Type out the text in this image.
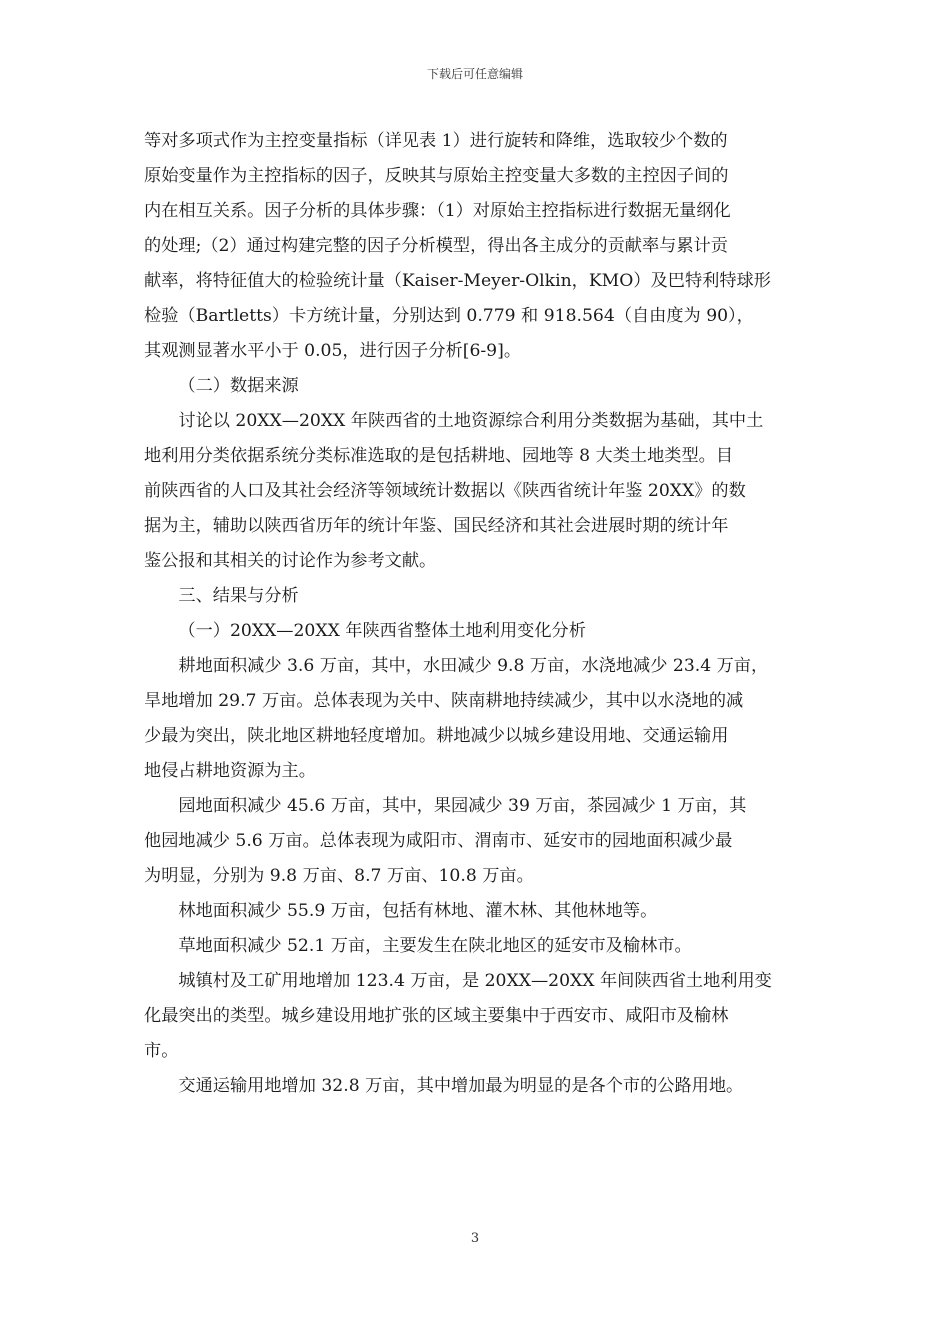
下载后可任意编辑

等对多项式作为主控变量指标（详见表 1）进行旋转和降维，选取较少个数的
原始变量作为主控指标的因子，反映其与原始主控变量大多数的主控因子间的
内在相互关系。因子分析的具体步骤：（1）对原始主控指标进行数据无量纲化
的处理;（2）通过构建完整的因子分析模型，得出各主成分的贡献率与累计贡
献率，将特征值大的检验统计量（Kaiser-Meyer-Olkin，KMO）及巴特利特球形
检验（Bartletts）卡方统计量，分别达到 0.779 和 918.564（自由度为 90），
其观测显著水平小于 0.05，进行因子分析[6-9]。

（二）数据来源

讨论以 20XX—20XX 年陕西省的土地资源综合利用分类数据为基础，其中土
地利用分类依据系统分类标准选取的是包括耕地、园地等 8 大类土地类型。目
前陕西省的人口及其社会经济等领域统计数据以《陕西省统计年鉴 20XX》的数
据为主，辅助以陕西省历年的统计年鉴、国民经济和其社会进展时期的统计年
鉴公报和其相关的讨论作为参考文献。

三、结果与分析

（一）20XX—20XX 年陕西省整体土地利用变化分析

耕地面积减少 3.6 万亩，其中，水田减少 9.8 万亩，水浇地减少 23.4 万亩，
旱地增加 29.7 万亩。总体表现为关中、陕南耕地持续减少，其中以水浇地的减
少最为突出，陕北地区耕地轻度增加。耕地减少以城乡建设用地、交通运输用
地侵占耕地资源为主。

园地面积减少 45.6 万亩，其中，果园减少 39 万亩，茶园减少 1 万亩，其
他园地减少 5.6 万亩。总体表现为咸阳市、渭南市、延安市的园地面积减少最
为明显，分别为 9.8 万亩、8.7 万亩、10.8 万亩。

林地面积减少 55.9 万亩，包括有林地、灌木林、其他林地等。

草地面积减少 52.1 万亩，主要发生在陕北地区的延安市及榆林市。

城镇村及工矿用地增加 123.4 万亩，是 20XX—20XX 年间陕西省土地利用变
化最突出的类型。城乡建设用地扩张的区域主要集中于西安市、咸阳市及榆林
市。

交通运输用地增加 32.8 万亩，其中增加最为明显的是各个市的公路用地。

3
